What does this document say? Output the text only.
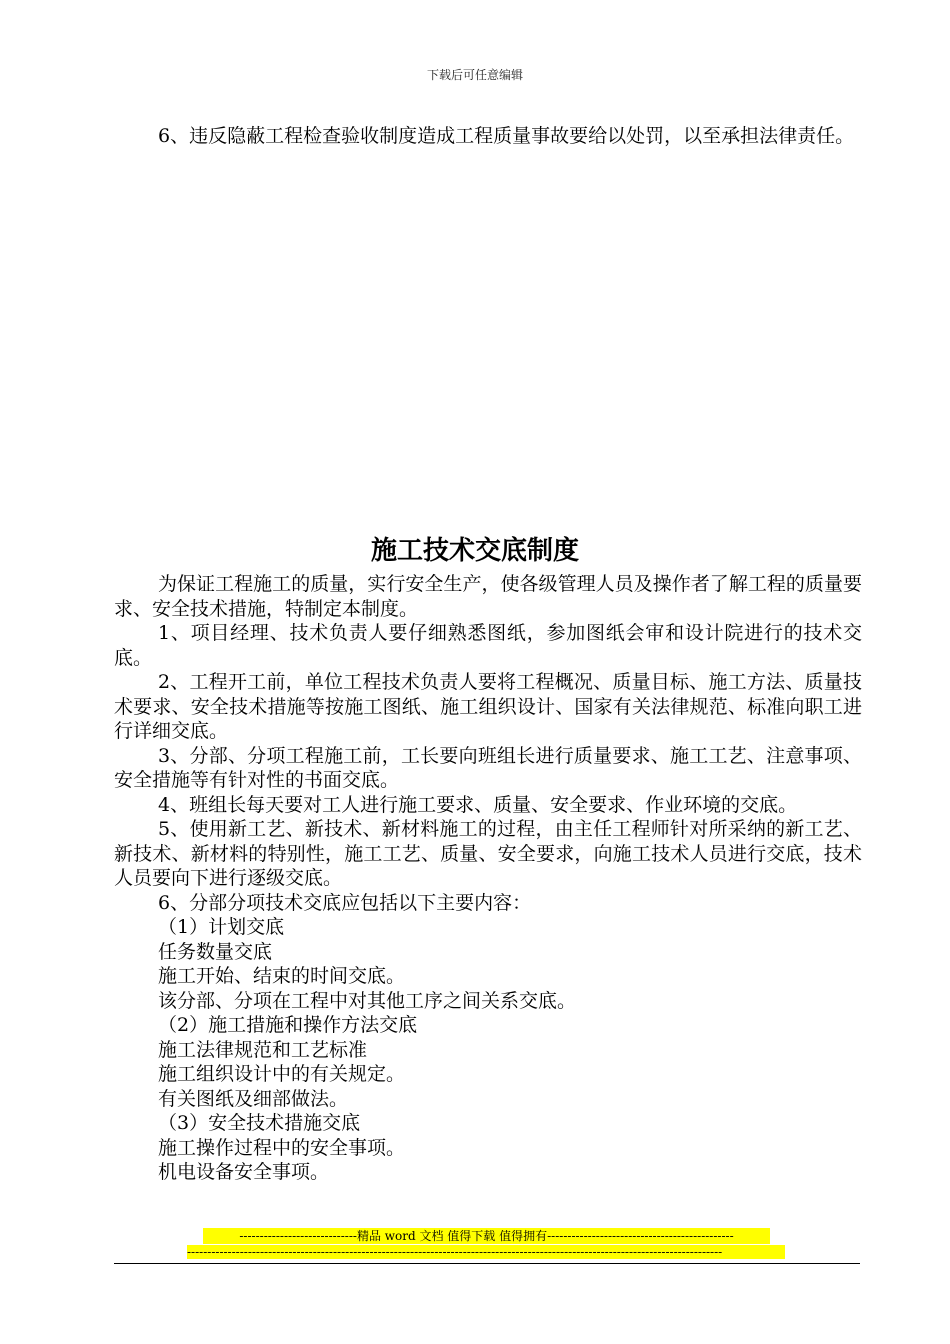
下载后可任意编辑

6、违反隐蔽工程检查验收制度造成工程质量事故要给以处罚，以至承担法律责任。

施工技术交底制度

为保证工程施工的质量，实行安全生产，使各级管理人员及操作者了解工程的质量要求、安全技术措施，特制定本制度。

1、项目经理、技术负责人要仔细熟悉图纸，参加图纸会审和设计院进行的技术交底。

2、工程开工前，单位工程技术负责人要将工程概况、质量目标、施工方法、质量技术要求、安全技术措施等按施工图纸、施工组织设计、国家有关法律规范、标准向职工进行详细交底。

3、分部、分项工程施工前，工长要向班组长进行质量要求、施工工艺、注意事项、安全措施等有针对性的书面交底。

4、班组长每天要对工人进行施工要求、质量、安全要求、作业环境的交底。

5、使用新工艺、新技术、新材料施工的过程，由主任工程师针对所采纳的新工艺、新技术、新材料的特别性，施工工艺、质量、安全要求，向施工技术人员进行交底，技术人员要向下进行逐级交底。

6、分部分项技术交底应包括以下主要内容：

（1）计划交底

任务数量交底

施工开始、结束的时间交底。

该分部、分项在工程中对其他工序之间关系交底。

（2）施工措施和操作方法交底

施工法律规范和工艺标准

施工组织设计中的有关规定。

有关图纸及细部做法。

（3）安全技术措施交底

施工操作过程中的安全事项。

机电设备安全事项。

-----------------------------精品 word 文档 值得下载 值得拥有----------------------------------------------
------------------------------------------------------------------------------------------------------------------------------------
